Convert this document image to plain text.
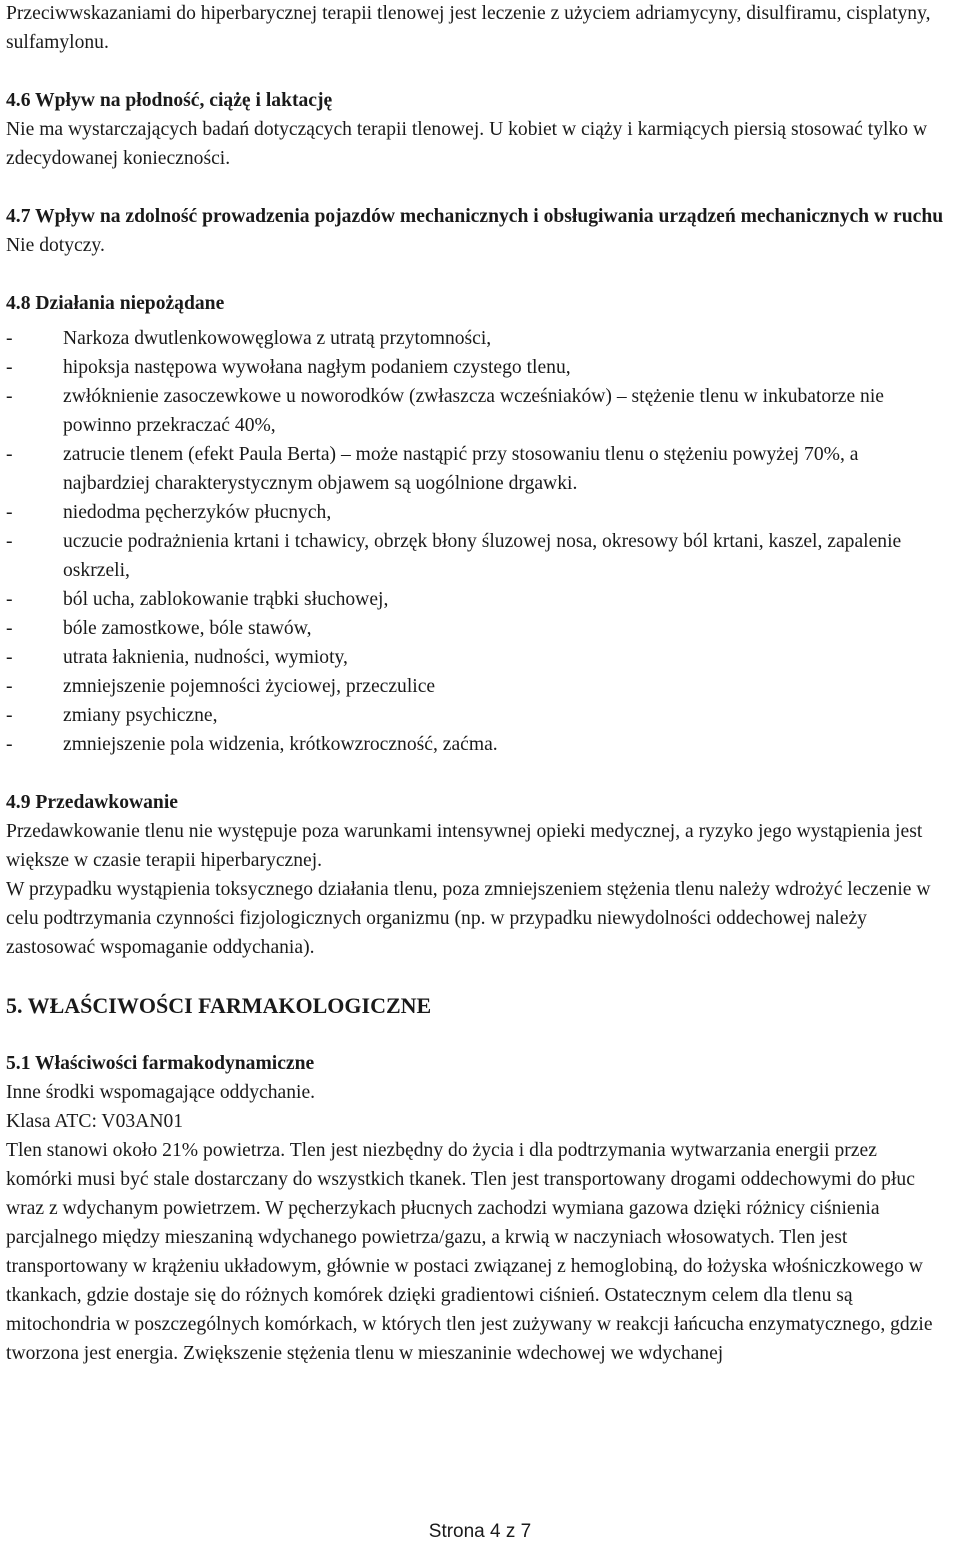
Przeciwwskazaniami do hiperbarycznej terapii tlenowej jest leczenie z użyciem adriamycyny, disulfiramu, cisplatyny, sulfamylonu.

4.6 Wpływ na płodność, ciążę i laktację

Nie ma wystarczających badań dotyczących terapii tlenowej. U kobiet w ciąży i karmiących piersią stosować tylko w zdecydowanej konieczności.

4.7 Wpływ na zdolność prowadzenia pojazdów mechanicznych i obsługiwania urządzeń mechanicznych w ruchu

Nie dotyczy.

4.8 Działania niepożądane

-	Narkoza dwutlenkowowęglowa z utratą przytomności,
-	hipoksja następowa wywołana nagłym podaniem czystego tlenu,
-	zwłóknienie zasoczewkowe u noworodków (zwłaszcza wcześniaków) – stężenie tlenu w inkubatorze nie powinno przekraczać 40%,
-	zatrucie tlenem (efekt Paula Berta) – może nastąpić przy stosowaniu tlenu o stężeniu powyżej 70%, a najbardziej charakterystycznym objawem są uogólnione drgawki.
-	niedodma pęcherzyków płucnych,
-	uczucie podrażnienia krtani i tchawicy, obrzęk błony śluzowej nosa, okresowy ból krtani, kaszel, zapalenie oskrzeli,
-	ból ucha, zablokowanie trąbki słuchowej,
-	bóle zamostkowe, bóle stawów,
-	utrata łaknienia, nudności, wymioty,
-	zmniejszenie pojemności życiowej, przeczulice
-	zmiany psychiczne,
-	zmniejszenie pola widzenia, krótkowzroczność, zaćma.

4.9 Przedawkowanie

Przedawkowanie tlenu nie występuje poza warunkami intensywnej opieki medycznej, a ryzyko jego wystąpienia jest większe w czasie terapii hiperbarycznej.

W przypadku wystąpienia toksycznego działania tlenu, poza zmniejszeniem stężenia tlenu należy wdrożyć leczenie w celu podtrzymania czynności fizjologicznych organizmu (np. w przypadku niewydolności oddechowej należy zastosować wspomaganie oddychania).

5. WŁAŚCIWOŚCI FARMAKOLOGICZNE

5.1 Właściwości farmakodynamiczne

Inne środki wspomagające oddychanie.

Klasa ATC: V03AN01

Tlen stanowi około 21% powietrza. Tlen jest niezbędny do życia i dla podtrzymania wytwarzania energii przez komórki musi być stale dostarczany do wszystkich tkanek. Tlen jest transportowany drogami oddechowymi do płuc wraz z wdychanym powietrzem. W pęcherzykach płucnych zachodzi wymiana gazowa dzięki różnicy ciśnienia parcjalnego między mieszaniną wdychanego powietrza/gazu, a krwią w naczyniach włosowatych. Tlen jest transportowany w krążeniu układowym, głównie w postaci związanej z hemoglobiną, do łożyska włośniczkowego w tkankach, gdzie dostaje się do różnych komórek dzięki gradientowi ciśnień. Ostatecznym celem dla tlenu są mitochondria w poszczególnych komórkach, w których tlen jest zużywany w reakcji łańcucha enzymatycznego, gdzie tworzona jest energia. Zwiększenie stężenia tlenu w mieszaninie wdechowej we wdychanej

Strona 4 z 7
